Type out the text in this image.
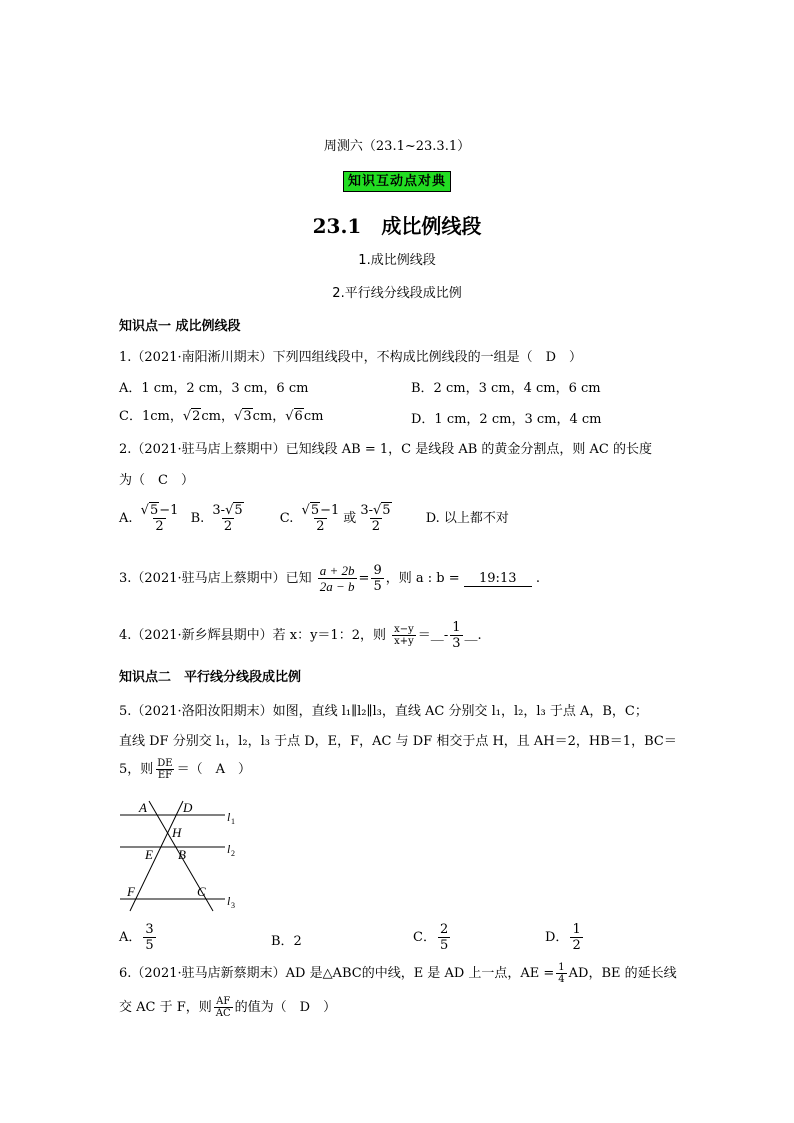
周测六（23.1~23.3.1）
知识互动点对典
23.1　成比例线段
1.成比例线段
2.平行线分线段成比例
知识点一 成比例线段
1.（2021·南阳淅川期末）下列四组线段中，不构成比例线段的一组是（　D　）
A．1 cm，2 cm，3 cm，6 cm	B．2 cm，3 cm，4 cm，6 cm
C．1cm，√2cm，√3cm，√6cm	D．1 cm，2 cm，3 cm，4 cm
2.（2021·驻马店上蔡期中）已知线段 AB = 1，C 是线段 AB 的黄金分割点，则 AC 的长度
为（　C　）
A. $\frac{√5-1}{2} B$. $\frac{3-√5}{2}$	C. $\frac{√5-1}{2}$ 或 $\frac{3-√5}{2} D$. 以上都不对
3.（2021·驻马店上蔡期中）已知 $\frac{a + 2b}{2a - b} = \frac{9}{5}$ ，则 a : b = 19:13 .
4.（2021·新乡辉县期中）若 x：y＝1：2，则 $\frac{x-y}{x+y}$ ＝＿- $\frac{1}{3}$ ＿.
知识点二　平行线分线段成比例
5.（2021·洛阳汝阳期末）如图，直线 l₁∥l₂∥l₃，直线 AC 分别交 l₁，l₂，l₃ 于点 A，B，C；
直线 DF 分别交 l₁，l₂，l₃ 于点 D，E，F，AC 与 DF 相交于点 H，且 AH＝2，HB＝1，BC＝
5，则 $\frac{DE}{EF}$ ＝（　A　）
A	D
H
E B
F	C
l 1
l 2
l 3
A． $\frac{3}{5}$	B．2	C． $\frac{2}{5}$	D． $\frac{1}{2}$
6.（2021·驻马店新蔡期末）AD 是△ABC的中线，E 是 AD 上一点，AE = $\frac{1}{4}$ AD，BE 的延长线
交 AC 于 F，则 $\frac{AF}{AC}$ 的值为（　D　）
